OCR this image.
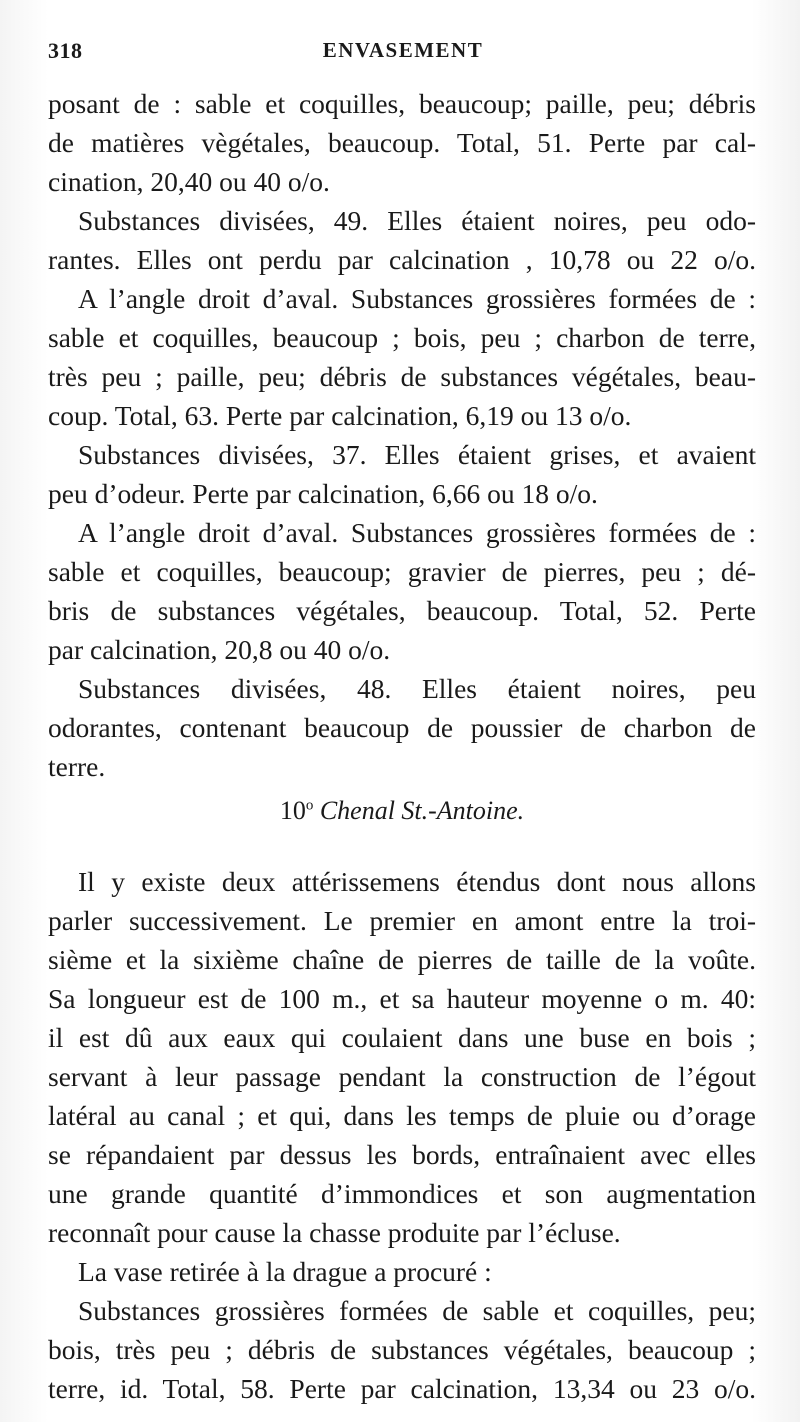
318	ENVASEMENT
posant de : sable et coquilles, beaucoup; paille, peu; débris
de matières vègétales, beaucoup. Total, 51. Perte par cal-
cination, 20,40 ou 40 o/o.
Substances divisées, 49. Elles étaient noires, peu odo-
rantes. Elles ont perdu par calcination , 10,78 ou 22 o/o.
A l’angle droit d’aval. Substances grossières formées de :
sable et coquilles, beaucoup ; bois, peu ; charbon de terre,
très peu ; paille, peu; débris de substances végétales, beau-
coup. Total, 63. Perte par calcination, 6,19 ou 13 o/o.
Substances divisées, 37. Elles étaient grises, et avaient
peu d’odeur. Perte par calcination, 6,66 ou 18 o/o.
A l’angle droit d’aval. Substances grossières formées de :
sable et coquilles, beaucoup; gravier de pierres, peu ; dé-
bris de substances végétales, beaucoup. Total, 52. Perte
par calcination, 20,8 ou 40 o/o.
Substances divisées, 48. Elles étaient noires, peu
odorantes, contenant beaucoup de poussier de charbon de
terre.
10$^o$ Chenal St.-Antoine.
Il y existe deux attérissemens étendus dont nous allons
parler successivement. Le premier en amont entre la troi-
sième et la sixième chaîne de pierres de taille de la voûte.
Sa longueur est de 100 m., et sa hauteur moyenne o m. 40:
il est dû aux eaux qui coulaient dans une buse en bois ;
servant à leur passage pendant la construction de l’égout
latéral au canal ; et qui, dans les temps de pluie ou d’orage
se répandaient par dessus les bords, entraînaient avec elles
une grande quantité d’immondices et son augmentation
reconnaît pour cause la chasse produite par l’écluse.
La vase retirée à la drague a procuré :
Substances grossières formées de sable et coquilles, peu;
bois, très peu ; débris de substances végétales, beaucoup ;
terre, id. Total, 58. Perte par calcination, 13,34 ou 23 o/o.
